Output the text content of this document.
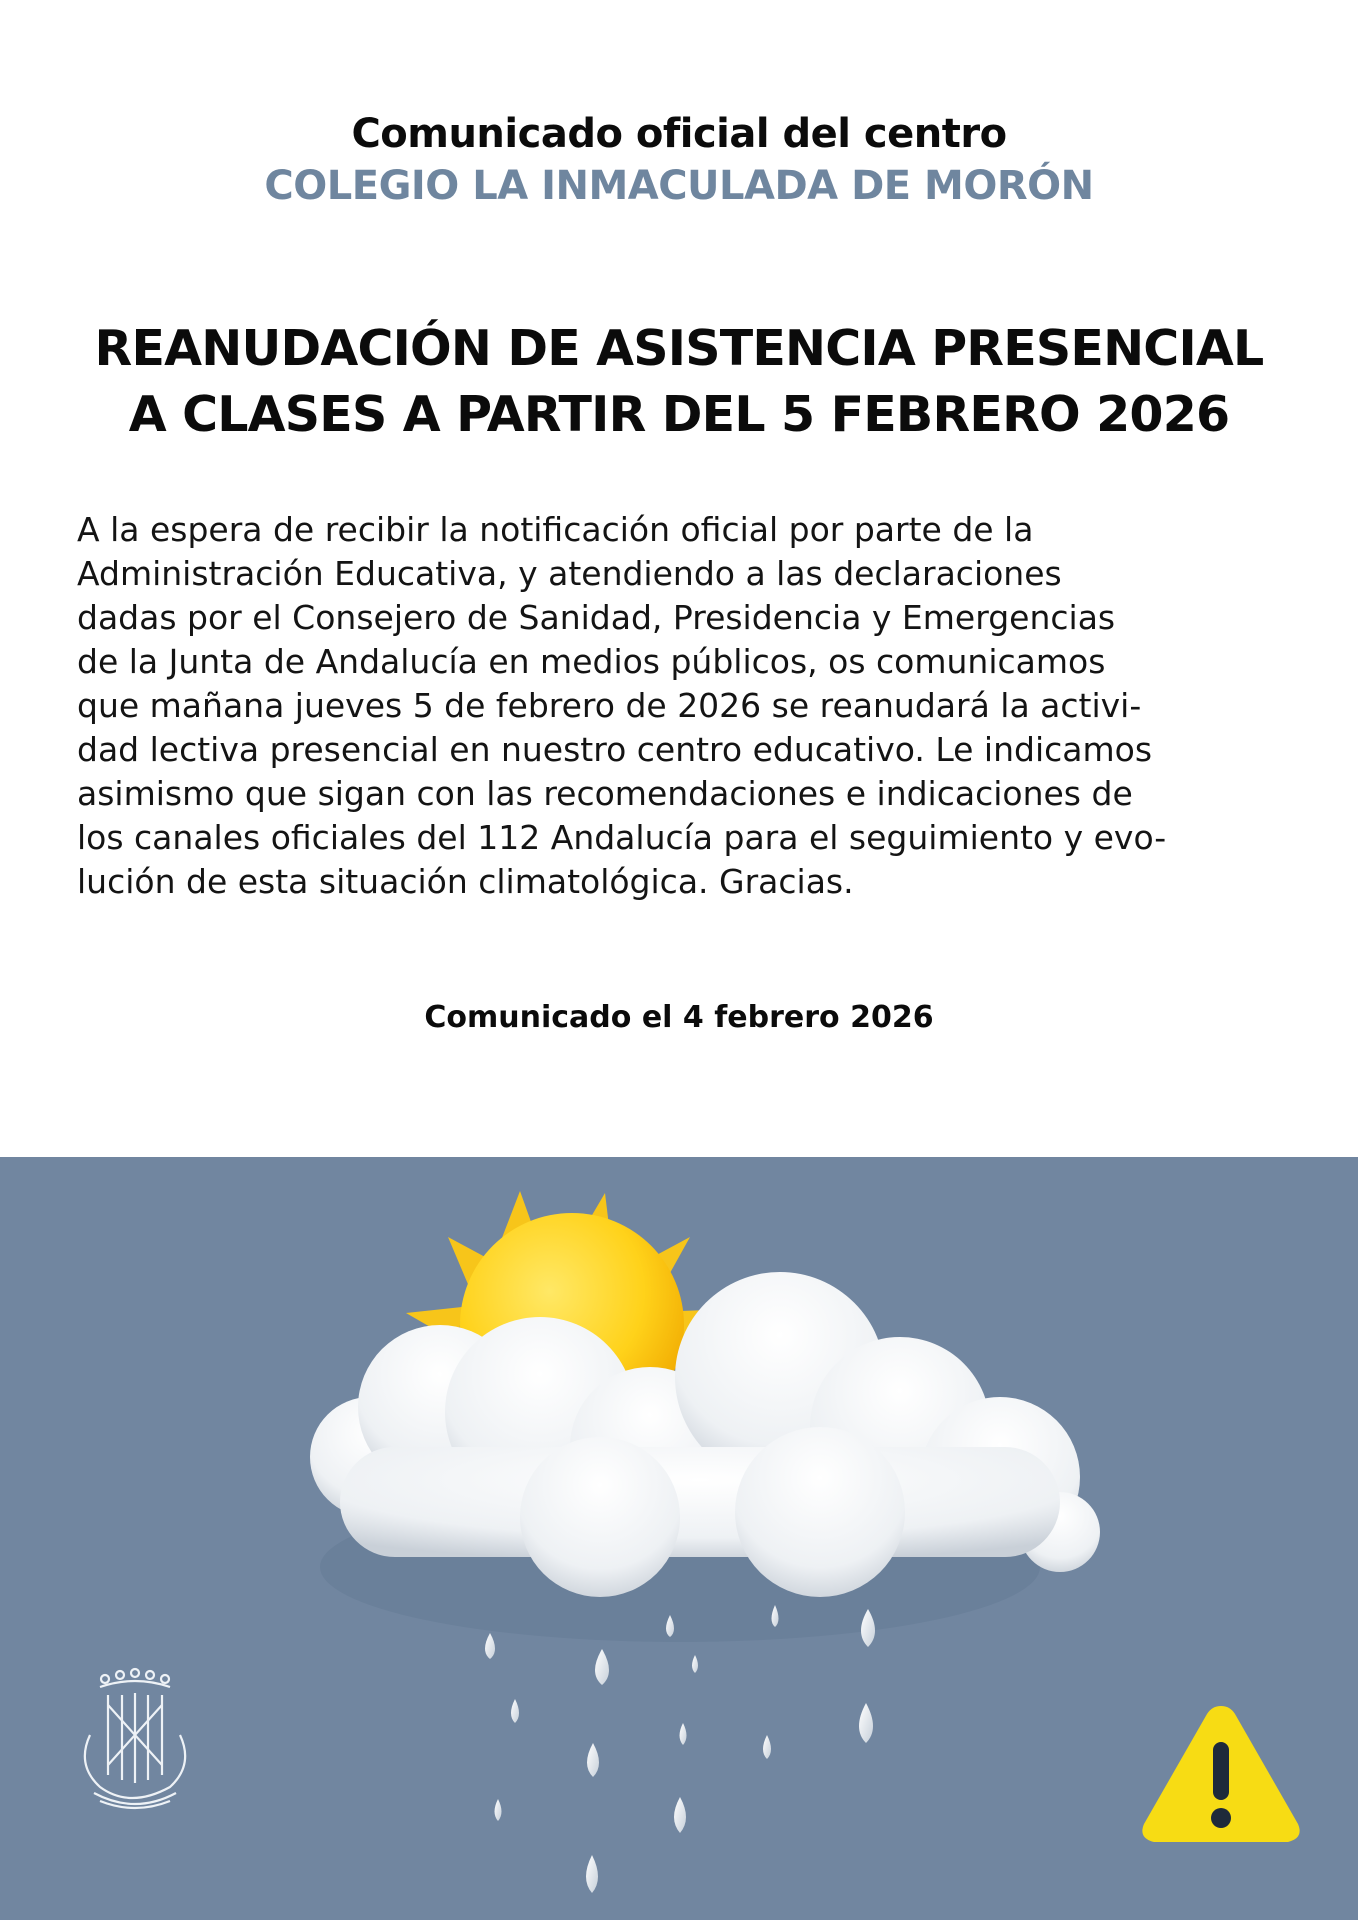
Comunicado oficial del centro
COLEGIO LA INMACULADA DE MORÓN
REANUDACIÓN DE ASISTENCIA PRESENCIAL
A CLASES A PARTIR DEL 5 FEBRERO 2026
A la espera de recibir la notificación oficial por parte de la
Administración Educativa, y atendiendo a las declaraciones
dadas por el Consejero de Sanidad, Presidencia y Emergencias
de la Junta de Andalucía en medios públicos, os comunicamos
que mañana jueves 5 de febrero de 2026 se reanudará la activi-
dad lectiva presencial en nuestro centro educativo. Le indicamos
asimismo que sigan con las recomendaciones e indicaciones de
los canales oficiales del 112 Andalucía para el seguimiento y evo-
lución de esta situación climatológica. Gracias.
Comunicado el 4 febrero 2026
